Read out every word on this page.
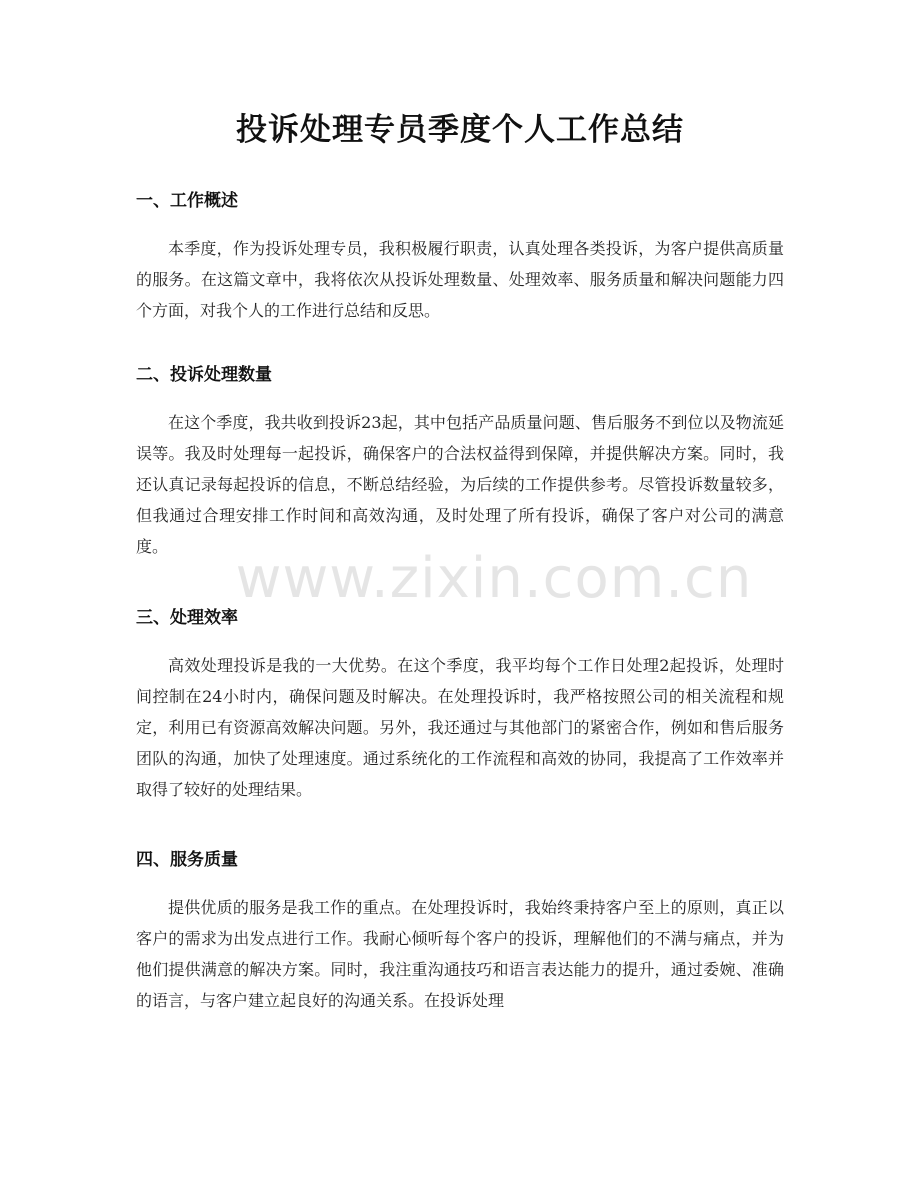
投诉处理专员季度个人工作总结
一、工作概述

本季度，作为投诉处理专员，我积极履行职责，认真处理各类投诉，为客户提供高质量的服务。在这篇文章中，我将依次从投诉处理数量、处理效率、服务质量和解决问题能力四个方面，对我个人的工作进行总结和反思。

二、投诉处理数量

在这个季度，我共收到投诉23起，其中包括产品质量问题、售后服务不到位以及物流延误等。我及时处理每一起投诉，确保客户的合法权益得到保障，并提供解决方案。同时，我还认真记录每起投诉的信息，不断总结经验，为后续的工作提供参考。尽管投诉数量较多，但我通过合理安排工作时间和高效沟通，及时处理了所有投诉，确保了客户对公司的满意度。

三、处理效率

高效处理投诉是我的一大优势。在这个季度，我平均每个工作日处理2起投诉，处理时间控制在24小时内，确保问题及时解决。在处理投诉时，我严格按照公司的相关流程和规定，利用已有资源高效解决问题。另外，我还通过与其他部门的紧密合作，例如和售后服务团队的沟通，加快了处理速度。通过系统化的工作流程和高效的协同，我提高了工作效率并取得了较好的处理结果。

四、服务质量

提供优质的服务是我工作的重点。在处理投诉时，我始终秉持客户至上的原则，真正以客户的需求为出发点进行工作。我耐心倾听每个客户的投诉，理解他们的不满与痛点，并为他们提供满意的解决方案。同时，我注重沟通技巧和语言表达能力的提升，通过委婉、准确的语言，与客户建立起良好的沟通关系。在投诉处理

www.zixin.com.cn
